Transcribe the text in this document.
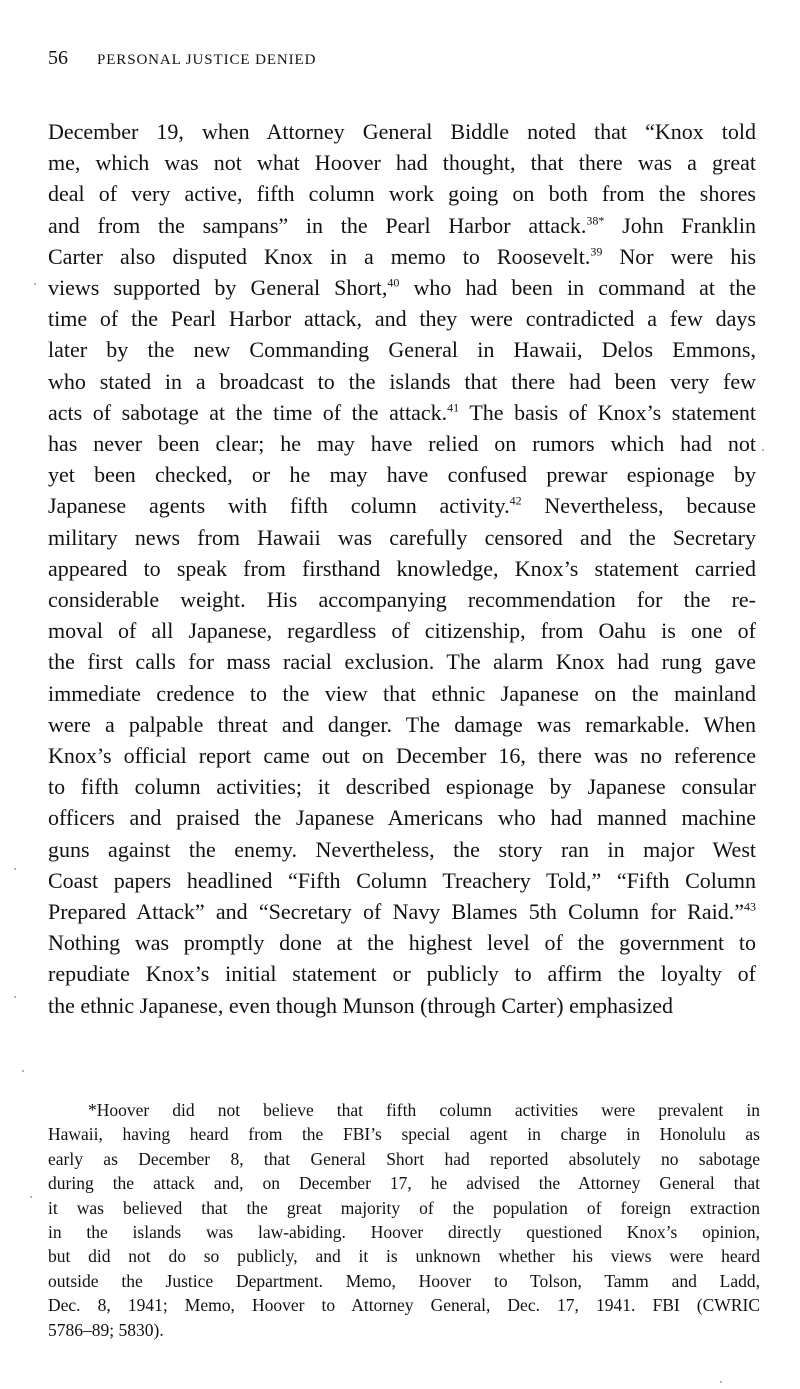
56 PERSONAL JUSTICE DENIED
December 19, when Attorney General Biddle noted that “Knox told
me, which was not what Hoover had thought, that there was a great
deal of very active, fifth column work going on both from the shores
and from the sampans” in the Pearl Harbor attack.$^{38*}$ John Franklin
Carter also disputed Knox in a memo to Roosevelt.$^{39}$ Nor were his
views supported by General Short,$^{40}$ who had been in command at the
time of the Pearl Harbor attack, and they were contradicted a few days
later by the new Commanding General in Hawaii, Delos Emmons,
who stated in a broadcast to the islands that there had been very few
acts of sabotage at the time of the attack.$^{41}$ The basis of Knox’s statement
has never been clear; he may have relied on rumors which had not
yet been checked, or he may have confused prewar espionage by
Japanese agents with fifth column activity.$^{42}$ Nevertheless, because
military news from Hawaii was carefully censored and the Secretary
appeared to speak from firsthand knowledge, Knox’s statement carried
considerable weight. His accompanying recommendation for the re-
moval of all Japanese, regardless of citizenship, from Oahu is one of
the first calls for mass racial exclusion. The alarm Knox had rung gave
immediate credence to the view that ethnic Japanese on the mainland
were a palpable threat and danger. The damage was remarkable. When
Knox’s official report came out on December 16, there was no reference
to fifth column activities; it described espionage by Japanese consular
officers and praised the Japanese Americans who had manned machine
guns against the enemy. Nevertheless, the story ran in major West
Coast papers headlined “Fifth Column Treachery Told,” “Fifth Column
Prepared Attack” and “Secretary of Navy Blames 5th Column for Raid.”$^{43}$
Nothing was promptly done at the highest level of the government to
repudiate Knox’s initial statement or publicly to affirm the loyalty of
the ethnic Japanese, even though Munson (through Carter) emphasized
*Hoover did not believe that fifth column activities were prevalent in
Hawaii, having heard from the FBI’s special agent in charge in Honolulu as
early as December 8, that General Short had reported absolutely no sabotage
during the attack and, on December 17, he advised the Attorney General that
it was believed that the great majority of the population of foreign extraction
in the islands was law-abiding. Hoover directly questioned Knox’s opinion,
but did not do so publicly, and it is unknown whether his views were heard
outside the Justice Department. Memo, Hoover to Tolson, Tamm and Ladd,
Dec. 8, 1941; Memo, Hoover to Attorney General, Dec. 17, 1941. FBI (CWRIC
5786–89; 5830).
